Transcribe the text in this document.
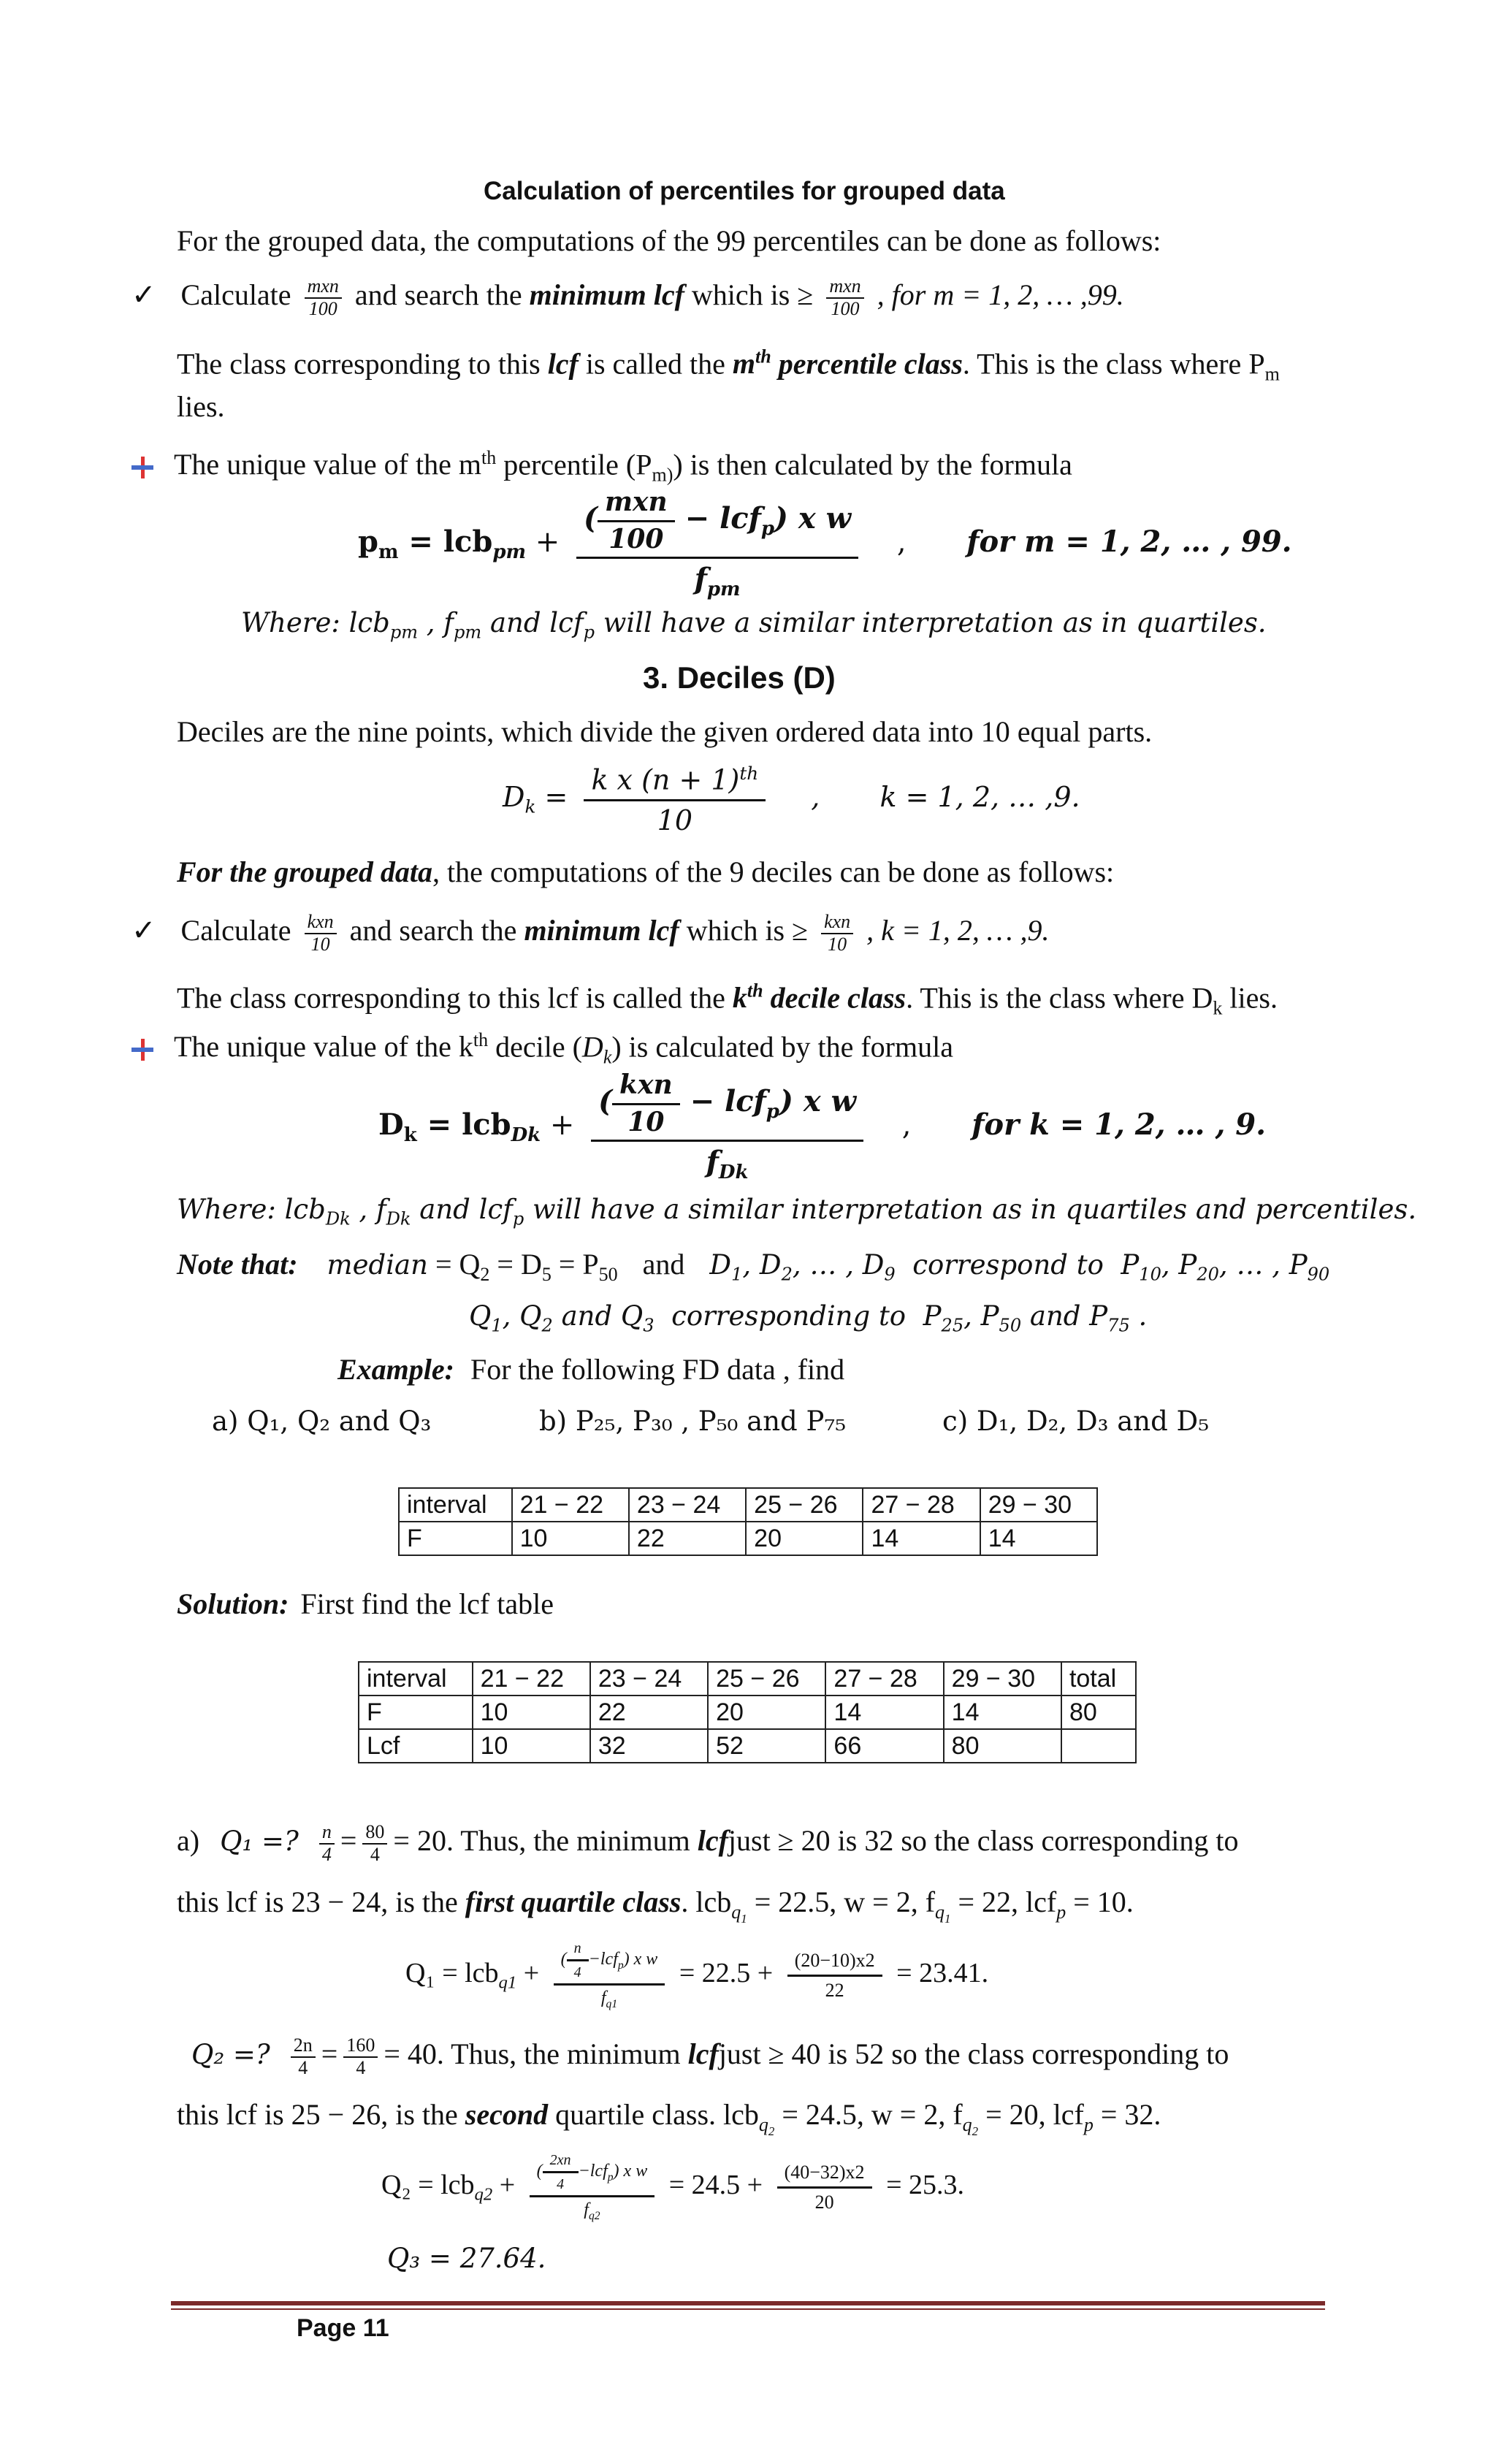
Calculation of percentiles for grouped data
For the grouped data, the computations of the 99 percentiles can be done as follows:
✓ Calculate $\frac{\text{mxn}}{100}$ and search the minimum lcf which is ≥ $\frac{\text{mxn}}{100}$ , for m = 1, 2, … ,99.
The class corresponding to this lcf is called the $m^{th}$ percentile class. This is the class where $P_m$
lies.
The unique value of the $m^{th}$ percentile $(P_{m)})$ is then calculated by the formula
$p_m = lcb_{pm} + \frac{( \frac{\text{mxn}}{100} - lcf_p) x w}{f_{pm}}$ , for m = 1, 2, … , 99.
Where: lcb$_{pm}$ , $f_{pm}$ and lcf$_p$ will have a similar interpretation as in quartiles.
3. Deciles (D)
Deciles are the nine points, which divide the given ordered data into 10 equal parts.
$D_k = \frac{k x (n + 1)^{th}}{10}$ , k = 1, 2, … ,9.
For the grouped data, the computations of the 9 deciles can be done as follows:
✓ Calculate $\frac{\text{kxn}}{10}$ and search the minimum lcf which is ≥ $\frac{\text{kxn}}{10}$ , k = 1, 2, … ,9.
The class corresponding to this lcf is called the $k^{th}$ decile class. This is the class where $D_k$ lies.
The unique value of the $k^{th}$ decile $(D_k)$ is calculated by the formula
$D_k = lcb_{Dk} + \frac{( \frac{\text{kxn}}{10} - lcf_p) x w}{f_{Dk}}$ , for k = 1, 2, … , 9.
Where: lcb$_{Dk}$ , $f_{Dk}$ and lcf$_p$ will have a similar interpretation as in quartiles and percentiles.
Note that: median = $Q_2 = D_5 = P_{50}$ and $D_1$, $D_2$, … , $D_9$  correspond to  $P_{10}$, $P_{20}$, … , $P_{90}$
$Q_1$, $Q_2$ and $Q_3$  corresponding to  $P_{25}$, $P_{50}$ and $P_{75}$ .
Example: For the following FD data , find
a) Q₁, Q₂ and Q₃	b) P₂₅, P₃₀ , P₅₀ and P₇₅	c) D₁, D₂, D₃ and D₅
interval	21 − 22	23 − 24	25 − 26	27 − 28	29 − 30
F	10	22	20	14	14
Solution: First find the lcf table
interval	21 − 22	23 − 24	25 − 26	27 − 28	29 − 30	total
F	10	22	20	14	14	80
Lcf	10	32	52	66	80	
a) Q₁ =? $\frac{n}{4} = \frac{80}{4} = 20$. Thus, the minimum lcfjust ≥ 20 is 32 so the class corresponding to
this lcf is 23 − 24, is the first quartile class. lcb$_{q_1}$ = 22.5, w = 2, $f_{q_1} = 22$, lcf$_p$ = 10.
$Q_1 = lcb_{q1} + \frac{( \frac{n}{4} -lcf_p) x w}{f_{q1}} = 22.5 + \frac{(20-10)x2}{22} = 23.41$.
Q₂ =? $\frac{2n}{4} = \frac{160}{4} = 40$. Thus, the minimum lcfjust ≥ 40 is 52 so the class corresponding to
this lcf is 25 − 26, is the second quartile class. lcb$_{q_2}$ = 24.5, w = 2, $f_{q_2} = 20$, lcf$_p$ = 32.
$Q_2 = lcb_{q2} + \frac{( \frac{2xn}{4} -lcf_p) x w}{f_{q2}} = 24.5 + \frac{(40-32)x2}{20} = 25.3$.
Q₃ = 27.64.
Page 11
